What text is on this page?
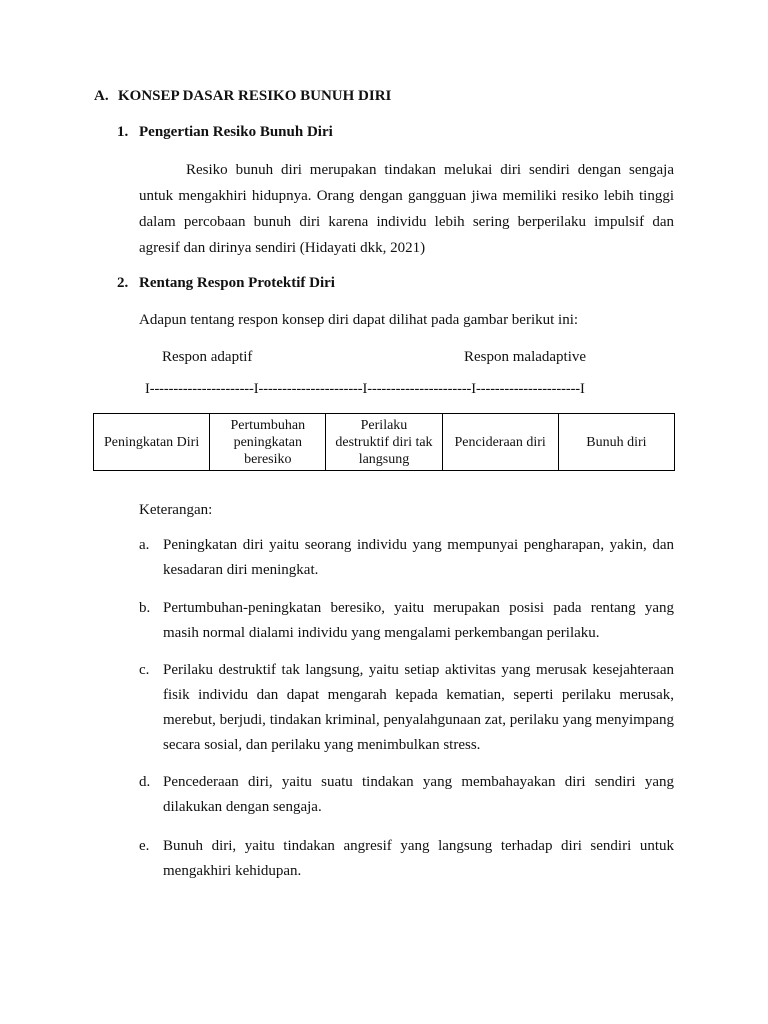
A. KONSEP DASAR RESIKO BUNUH DIRI
1. Pengertian Resiko Bunuh Diri
Resiko bunuh diri merupakan tindakan melukai diri sendiri dengan sengaja untuk mengakhiri hidupnya. Orang dengan gangguan jiwa memiliki resiko lebih tinggi dalam percobaan bunuh diri karena individu lebih sering berperilaku impulsif dan agresif dan dirinya sendiri (Hidayati dkk, 2021)
2. Rentang Respon Protektif Diri
Adapun tentang respon konsep diri dapat dilihat pada gambar berikut ini:
Respon adaptif	Respon maladaptive
I----------------------I----------------------I----------------------I----------------------I
Peningkatan Diri	Pertumbuhan peningkatan beresiko	Perilaku destruktif diri tak langsung	Pencideraan diri	Bunuh diri
Keterangan:
a. Peningkatan diri yaitu seorang individu yang mempunyai pengharapan, yakin, dan kesadaran diri meningkat.
b. Pertumbuhan-peningkatan beresiko, yaitu merupakan posisi pada rentang yang masih normal dialami individu yang mengalami perkembangan perilaku.
c. Perilaku destruktif tak langsung, yaitu setiap aktivitas yang merusak kesejahteraan fisik individu dan dapat mengarah kepada kematian, seperti perilaku merusak, merebut, berjudi, tindakan kriminal, penyalahgunaan zat, perilaku yang menyimpang secara sosial, dan perilaku yang menimbulkan stress.
d. Pencederaan diri, yaitu suatu tindakan yang membahayakan diri sendiri yang dilakukan dengan sengaja.
e. Bunuh diri, yaitu tindakan angresif yang langsung terhadap diri sendiri untuk mengakhiri kehidupan.
